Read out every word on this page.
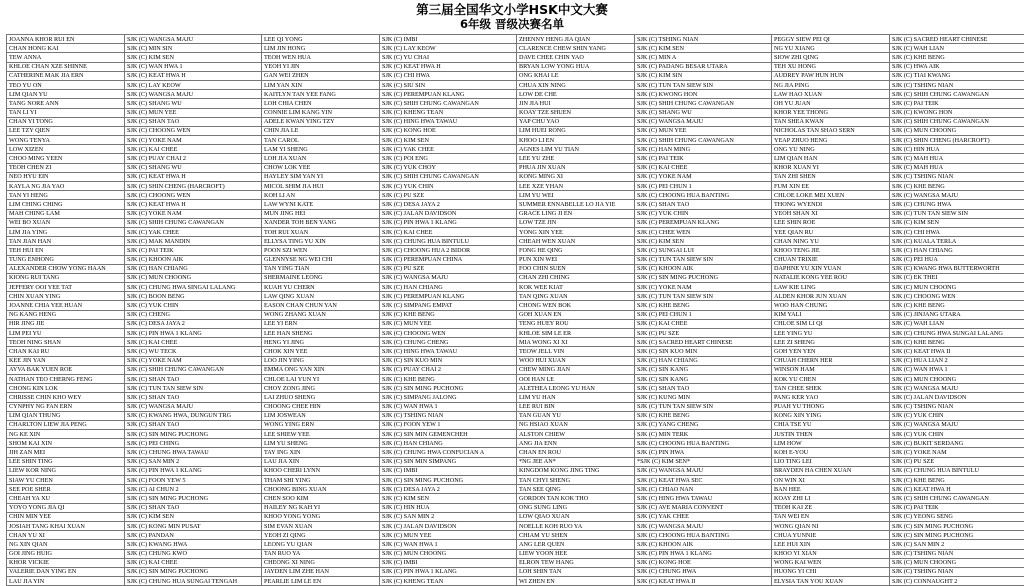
第三届全国华文小学HSK中文大赛
6年级 晋级决赛名单
JOANNA KHOR RUI EN	SJK (C) WANGSA MAJU	LEE QI YONG	SJK (C) IMBI	ZHENNY HENG JIA QIAN	SJK (C) TSHING NIAN	PEGGY SIEW PEI QI	SJK (C) SACRED HEART CHINESE
CHAN HONG KAI	SJK (C) MIN SIN	LIM JIN HONG	SJK (C) LAY KEOW	CLARENCE CHEW SHIN YANG	SJK (C) KIM SEN	NG YU XIANG	SJK (C) WAH LIAN
TEW ANNA	SJK (C) KIM SEN	TEOH WEN HUA	SJK (C) YU CHAI	DAVE CHEE CHIN YAO	SJK (C) MIN A	SIOW ZHI QING	SJK (C) KHE BENG
KHLOE CHAN XZE SHINNE	SJK (C) WAN HWA 1	YEOH YI JIN	SJK (C) KEAT HWA H	BRYAN LOW YONG HUA	SJK (C) PADANG BESAR UTARA	TEH XU HONG	SJK (C) HWA AIK
CATHERINE MAK JIA ERN	SJK (C) KEAT HWA H	GAN WEI ZHEN	SJK (C) CHI HWA	ONG KHAI LE	SJK (C) KIM SIN	AUDREY PAW HUN HUN	SJK (C) TIAI KWANG
TEO YU ON	SJK (C) LAY KEOW	LIM YAN XIN	SJK (C) SIU SIN	CHUA XIN NING	SJK (C) TUN TAN SIEW SIN	NG JIA PING	SJK (C) TSHING NIAN
LIM QIAN YU	SJK (C) WANGSA MAJU	KAITLYN TAN YEE FANG	SJK (C) PEREMPUAN KLANG	LOW DE CHE	SJK (C) KWONG HON	LAW HAO XUAN	SJK (C) SHIH CHUNG CAWANGAN
TANG NORE ANN	SJK (C) SHANG WU	LOH CHIA CHEN	SJK (C) SHIH CHUNG CAWANGAN	JIN JIA HUI	SJK (C) SHIH CHUNG CAWANGAN	OH YU JUAN	SJK (C) PAI TEIK
TAN LI YI	SJK (C) MUN YEE	CONNIE LIM KANG YIN	SJK (C) KHENG TEAN	KOAY TZE SHUEN	SJK (C) SHANG WU	KHOR YEE THONG	SJK (C) KWONG HON
CHAN YI TONG	SJK (C) SHAN TAO	ADELE KWAN YING TZY	SJK (C) HING HWA TAWAU	YAP CHU YAO	SJK (C) WANGSA MAJU	TAN SHEA KWAN	SJK (C) SHIH CHUNG CAWANGAN
LEE TZY QIEN	SJK (C) CHOONG WEN	CHIN JIA LE	SJK (C) KONG HOE	LIM HUEI RONG	SJK (C) MUN YEE	NICHOLAS TAN SHAO SERN	SJK (C) MUN CHOONG
WONG TENYA	SJK (C) YOKE NAM	TAN CAROL	SJK (C) KIM SEN	KHOO LI EN	SJK (C) SHIH CHUNG CAWANGAN	YEAP ZHUO HENG	SJK (C) SHIN CHENG (HARCROFT)
LOW XIZEN	SJK (C) KAI CHEE	LAM YI SHENG	SJK (C) YAK CHEE	AGNES LIM YU TIAN	SJK (C) HAN MING	ONG YU NING	SJK (C) HIN HUA
CHOO MING YEEN	SJK (C) PUAY CHAI 2	LOH JIA XUAN	SJK (C) POI ENG	LEE YU ZHE	SJK (C) PAI TEIK	LIM QIAN HAN	SJK (C) MAH HUA
TEOH CHEN ZI	SJK (C) SHANG WU	CHOW LOK YEE	SJK (C) YUK CHOY	PHUA JIN XUAN	SJK (C) KAI CHEE	KHOR XUAN YI	SJK (C) MAH HUA
NEO HYU EIN	SJK (C) KEAT HWA H	HAYLEY SIM YAN YI	SJK (C) SHIH CHUNG CAWANGAN	KONG MING XI	SJK (C) YOKE NAM	TAN ZHI SHEN	SJK (C) TSHING NIAN
KAYLA NG JIA YAO	SJK (C) SHIN CHENG (HARCROFT)	MICOL SHIM JIA HUI	SJK (C) YUK CHIN	LEE XZE YHAN	SJK (C) PEI CHUN 1	FUM XIN EE	SJK (C) KHE BENG
TAN YI HENG	SJK (C) CHOONG WEN	KOH LI AN	SJK (C) PU SZE	LIM YU WEI	SJK (C) CHOONG HUA BANTING	CHLOE LOKE MEI XUEN	SJK (C) WANGSA MAJU
LIM CHING CHING	SJK (C) KEAT HWA H	LAW WYNI KATE	SJK (C) DESA JAYA 2	SUMMER ENNABELLE LO JIA YIE	SJK (C) SHAN TAO	THONG WYENDI	SJK (C) CHUNG HWA
MAH CHING LAM	SJK (C) YOKE NAM	MUN JING HEI	SJK (C) JALAN DAVIDSON	GRACE LING JI EN	SJK (C) YUK CHIN	YEOH SHAN XI	SJK (C) TUN TAN SIEW SIN
WEI BO XUAN	SJK (C) SHIH CHUNG CAWANGAN	XANDER TOH BEN YANG	SJK (C) PIN HWA 1 KLANG	LOW TZE JIN	SJK (C) PEREMPUAN KLANG	LEE SHIN ROE	SJK (C) KIM SEN
LIM JIA YING	SJK (C) YAK CHEE	TOH RUI XUAN	SJK (C) KAI CHEE	YONG XIN YEE	SJK (C) CHEE WEN	YEE QIAN RU	SJK (C) CHI HWA
TAN JIAN HAN	SJK (C) MAK MANDIN	ELLYSA TING YU XIN	SJK (C) CHUNG HUA BINTULU	CHEAH WEN XUAN	SJK (C) KIM SEN	CHAN NING YU	SJK (C) KUALA TERLA
TEH HUI EN	SJK (C) PAI TEIK	POON SZI WEN	SJK (C) CHOONG HUA 2 BIDOR	FONG HE QING	SJK (C) SUNGAI LUI	KHOO TENG JIE	SJK (C) HAN CHIANG
TUNG ENHONG	SJK (C) KHOON AIK	GLENNYSE NG WEI CHI	SJK (C) PEREMPUAN CHINA	PUN XIN WEI	SJK (C) TUN TAN SIEW SIN	CHUAN TRIXIE	SJK (C) PEI HUA
ALEXANDER CHOW YONG HAAN	SJK (C) HAN CHIANG	TAN YING TIAN	SJK (C) PU SZE	FOO CHIN SUEN	SJK (C) KHOON AIK	DAPHNE YU XIN YUAN	SJK (C) KWANG HWA BUTTERWORTH
KIONG RUI TANG	SJK (C) MUN CHOONG	SHERMAINE LEONG	SJK (C) WANGSA MAJU	CHAN ZHI CHING	SJK (C) SIN MING PUCHONG	NATALIE KONG YEE ROU	SJK (C) EK THEI
JEFFERY OOI YEE TAT	SJK (C) CHUNG HWA SINGAI LALANG	KUAH YU CHERN	SJK (C) HAN CHIANG	KOK WEE KIAT	SJK (C) YOKE NAM	LAW KIE LING	SJK (C) MUN CHOONG
CHIN XUAN YING	SJK (C) BOON BENG	LAW QING XUAN	SJK (C) PEREMPUAN KLANG	TAN QING XUAN	SJK (C) TUN TAN SIEW SIN	ALDEN KHOR JUN XUAN	SJK (C) CHOONG WEN
JOANNE CHIA YEE HUAN	SJK (C) YUK CHIN	EASON CHAN CHUN YAN	SJK (C) SIMPANG EMPAT	CHONG WEN BOK	SJK (C) KHE BENG	WOO HAN CHUNG	SJK (C) KHE BENG
NG KANG HENG	SJK (C) CHENG	WONG ZHANG XUAN	SJK (C) KHE BENG	GOH XUAN EN	SJK (C) PEI CHUN 1	KIM YALI	SJK (C) JINJANG UTARA
HIR JING JIE	SJK (C) DESA JAYA 2	LEE YI ERN	SJK (C) MUN YEE	TENG HUEY ROU	SJK (C) KAI CHEE	CHLOE SIM LI QI	SJK (C) WAH LIAN
LIM PEI YU	SJK (C) PIN HWA 1 KLANG	LEE HAN SHENG	SJK (C) CHOONG WEN	KHLOE SIM LE ER	SJK (C) PU SZE	LEE YING YU	SJK (C) CHUNG HWA SUNGAI LALANG
TEOH NING SHAN	SJK (C) KAI CHEE	HENG YI JING	SJK (C) CHUNG CHENG	MIA WONG XI XI	SJK (C) SACRED HEART CHINESE	LEE ZI SHENG	SJK (C) KHE BENG
CHAN KAI RU	SJK (C) WU TECK	CHOK XIN YEE	SJK (C) HING HWA TAWAU	TEOW JELL VIN	SJK (C) SIN KUO MIN	GOH YEN YEN	SJK (C) KEAT HWA II
KEE JIN YAN	SJK (C) YOKE NAM	LOO JIN YING	SJK (C) SIN KUO MIN	WOO HUI XUAN	SJK (C) HAN CHIANG	CHUAH CHERN HER	SJK (C) HUA LIAN 2
AYVA BAK YUEN ROE	SJK (C) SHIH CHUNG CAWANGAN	EMMA ONG YAN XIN	SJK (C) PUAY CHAI 2	CHEW MING JIAN	SJK (C) SIN KANG	WINSON HAM	SJK (C) WAN HWA 1
NATHAN TEO CHERNG FENG	SJK (C) SHAN TAO	CHLOE LAI YUN YI	SJK (C) KHE BENG	OOI HAN LE	SJK (C) SIN KANG	KOK YU CHEN	SJK (C) MUN CHOONG
CHONG KIN LOK	SJK (C) TUN TAN SIEW SIN	CHOY ZONG JING	SJK (C) SIN MING PUCHONG	ALETHEA LEONG YU HAN	SJK (C) SHAN TAO	TAN CHEE SHEK	SJK (C) WANGSA MAJU
CHRISSE CHIN KHO WEY	SJK (C) SHAN TAO	LAI ZHUO SHENG	SJK (C) SIMPANG JALONG	LIM YU HAN	SJK (C) KUNG MIN	PANG KER YAO	SJK (C) JALAN DAVIDSON
CYNPHY NG FAN ERN	SJK (C) WANGSA MAJU	CHOONG CHEE HIN	SJK (C) WAN HWA 1	LEE RUI BIN	SJK (C) TUN TAN SIEW SIN	PUAH YU THONG	SJK (C) TSHING NIAN
LIM QIAN THUNG	SJK (C) KWANG HWA, DUNGUN TRG	LIM JOSWEAN	SJK (C) TSHING NIAN	TAN GUAN YU	SJK (C) KHE BENG	KONG XIN YING	SJK (C) YUK CHIN
CHARLTON LIEW JIA PENG	SJK (C) SHAN TAO	WONG YING ERN	SJK (C) FOON YEW 1	NG HSIAO XUAN	SJK (C) YANG CHENG	CHIA TSE YU	SJK (C) WANGSA MAJU
NG KE XIN	SJK (C) SIN MING PUCHONG	LEE SHIEW YEE	SJK (C) SIN MIN GEMENCHEH	ALSTON CHIEW	SJK (C) MIN TERK	JUSTIN THEN	SJK (C) YUK CHIN
SHOM KAI XIN	SJK (C) PEI CHING	LIM YU SHENG	SJK (C) HAN CHIANG	ANG JIA ENN	SJK (C) CHOONG HUA BANTING	LIM HOW	SJK (C) BUKIT SERDANG
JIH ZAN MEI	SJK (C) CHUNG HWA TAWAU	TAY ING XIN	SJK (C) CHUNG HWA CONFUCIAN A	CHAN EN ROU	SJK (C) PIN HWA	KOH E-YOU	SJK (C) YOKE NAM
LEE SHIN TING	SJK (C) SAN MIN 2	LAU JIA XIN	SJK (C) SIN MIN SIMPANG	*NG JEE AN*	*SJK (C) KIM SEN*	LIO TING LEI	SJK (C) PU SZE
LIEW KOR NING	SJK (C) PIN HWA 1 KLANG	KHOO CHERI LYNN	SJK (C) IMBI	KINGDOM KONG JING TING	SJK (C) WANGSA MAJU	BRAYDEN HA CHEN XUAN	SJK (C) CHUNG HUA BINTULU
SIAW YU CHEN	SJK (C) FOON YEW 5	THAM SHI YING	SJK (C) SIN MING PUCHONG	TAN CHYI SHENG	SJK (C) KEAT HWA SEC	ON WIN XI	SJK (C) KHE BENG
SEE POE SHER	SJK (C) AI CHUN 2	CHOONG BING XUAN	SJK (C) DESA JAYA 2	TAN SEE QING	SJK (C) CHIAO NAN	BAN HEE	SJK (C) KEAT HWA H
CHEAH YA XU	SJK (C) SIN MING PUCHONG	CHEN SOO KIM	SJK (C) KIM SEN	GORDON TAN KOK THO	SJK (C) HING HWA TAWAU	KOAY ZHI LI	SJK (C) SHIH CHUNG CAWANGAN
YOYO YONG JIA QI	SJK (C) SHAN TAO	HAILEY NG KAH YI	SJK (C) HIN HUA	ONG SUNG LING	SJK (C) AVE MARIA CONVENT	TEOH KAI ZE	SJK (C) PAI TEIK
CHIN MIN YEE	SJK (C) KIM SEN	KHOO YONG YONG	SJK (C) SAN MIN 2	LOW QIAO XUAN	SJK (C) YAK CHEE	TAN WEI EN	SJK (C) YEONG SENG
JOSIAH TANG KHAI XUAN	SJK (C) KONG MIN PUSAT	SIM EVAN XUAN	SJK (C) JALAN DAVIDSON	NOELLE KOH RUO YA	SJK (C) WANGSA MAJU	WONG QIAN NI	SJK (C) SIN MING PUCHONG
CHAN YU XI	SJK (C) PANDAN	YEOH ZI QING	SJK (C) MUN YEE	CHIAM YU SHEN	SJK (C) CHOONG HUA BANTING	CHUA YUNNIE	SJK (C) SIN MING PUCHONG
NG XIN QIAN	SJK (C) KWANG HWA	LEONG YU QIAN	SJK (C) WAN HWA 1	ANG LER QUEN	SJK (C) KHOON AIK	LEE HUI XIN	SJK (C) SAN MIN 2
GOI JING HUIG	SJK (C) CHUNG KWO	TAN RUO YA	SJK (C) MUN CHOONG	LIEW YOON HEE	SJK (C) PIN HWA 1 KLANG	KHOO YI XIAN	SJK (C) TSHING NIAN
KHOR VICKIE	SJK (C) KAI CHEE	CHEONG XI NING	SJK (C) IMBI	ELRON TEW HANG	SJK (C) KONG HOE	WONG KAI WEN	SJK (C) MUN CHOONG
VALERIE DAN YING EN	SJK (C) SIN MING PUCHONG	JAYDEN LIM ZHE HAN	SJK (C) PIN HWA 1 KLANG	LOH SHIN TAN	SJK (C) CHUNG HWA	HUONG YI CHI	SJK (C) TSHING NIAN
LAU JIA YIN	SJK (C) CHUNG HUA SUNGAI TENGAH	PEARLIE LIM LE EN	SJK (C) KHENG TEAN	WI ZHEN EN	SJK (C) KEAT HWA II	ELYSIA TAN YOU XUAN	SJK (C) CONNAUGHT 2
